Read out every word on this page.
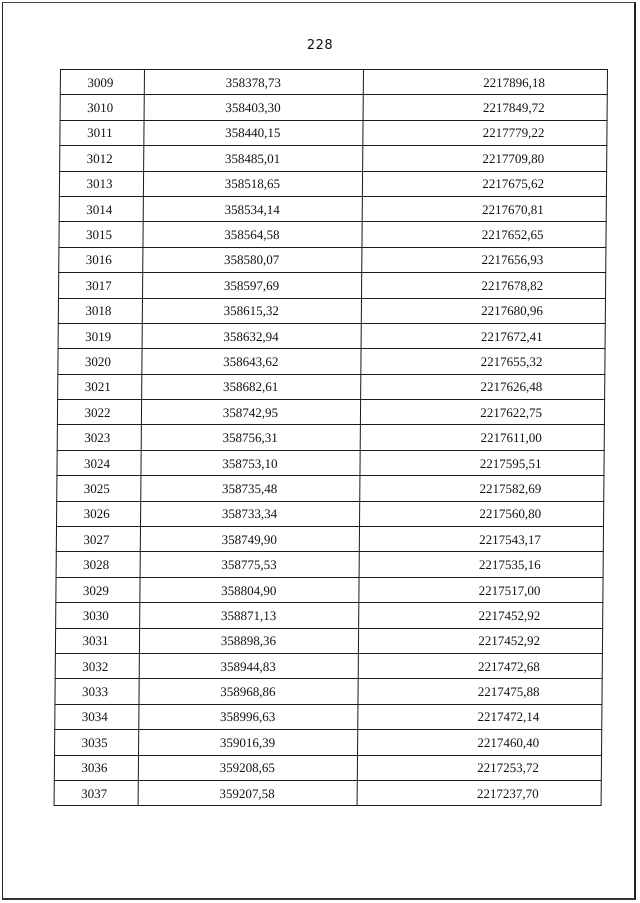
228
3009	358378,73	2217896,18
3010	358403,30	2217849,72
3011	358440,15	2217779,22
3012	358485,01	2217709,80
3013	358518,65	2217675,62
3014	358534,14	2217670,81
3015	358564,58	2217652,65
3016	358580,07	2217656,93
3017	358597,69	2217678,82
3018	358615,32	2217680,96
3019	358632,94	2217672,41
3020	358643,62	2217655,32
3021	358682,61	2217626,48
3022	358742,95	2217622,75
3023	358756,31	2217611,00
3024	358753,10	2217595,51
3025	358735,48	2217582,69
3026	358733,34	2217560,80
3027	358749,90	2217543,17
3028	358775,53	2217535,16
3029	358804,90	2217517,00
3030	358871,13	2217452,92
3031	358898,36	2217452,92
3032	358944,83	2217472,68
3033	358968,86	2217475,88
3034	358996,63	2217472,14
3035	359016,39	2217460,40
3036	359208,65	2217253,72
3037	359207,58	2217237,70
